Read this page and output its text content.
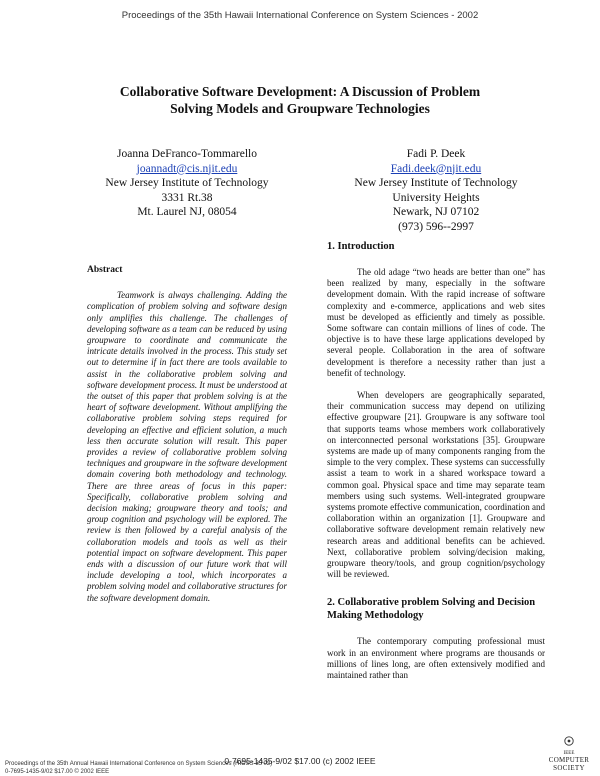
Proceedings of the 35th Hawaii International Conference on System Sciences - 2002
Collaborative Software Development: A Discussion of Problem
Solving Models and Groupware Technologies
Joanna DeFranco-Tommarello
joannadt@cis.njit.edu
New Jersey Institute of Technology
3331 Rt.38
Mt. Laurel NJ, 08054
Fadi P. Deek
Fadi.deek@njit.edu
New Jersey Institute of Technology
University Heights
Newark, NJ 07102
(973) 596--2997
Abstract

Teamwork is always challenging. Adding the complication of problem solving and software design only amplifies this challenge. The challenges of developing software as a team can be reduced by using groupware to coordinate and communicate the intricate details involved in the process. This study set out to determine if in fact there are tools available to assist in the collaborative problem solving and software development process. It must be understood at the outset of this paper that problem solving is at the heart of software development. Without amplifying the collaborative problem solving steps required for developing an effective and efficient solution, a much less then accurate solution will result. This paper provides a review of collaborative problem solving techniques and groupware in the software development domain covering both methodology and technology. There are three areas of focus in this paper: Specifically, collaborative problem solving and decision making; groupware theory and tools; and group cognition and psychology will be explored. The review is then followed by a careful analysis of the collaboration models and tools as well as their potential impact on software development. This paper ends with a discussion of our future work that will include developing a tool, which incorporates a problem solving model and collaborative structures for the software development domain.

1. Introduction

The old adage “two heads are better than one” has been realized by many, especially in the software development domain. With the rapid increase of software complexity and e-commerce, applications and web sites must be developed as efficiently and timely as possible. Some software can contain millions of lines of code. The objective is to have these large applications developed by several people. Collaboration in the area of software development is therefore a necessity rather than just a benefit of technology.

When developers are geographically separated, their communication success may depend on utilizing effective groupware [21]. Groupware is any software tool that supports teams whose members work collaboratively on interconnected personal workstations [35]. Groupware systems are made up of many components ranging from the simple to the very complex. These systems can successfully assist a team to work in a shared workspace toward a common goal. Physical space and time may separate team members using such systems. Well-integrated groupware systems promote effective communication, coordination and collaboration within an organization [1]. Groupware and collaborative software development remain relatively new research areas and additional benefits can be achieved. Next, collaborative problem solving/decision making, groupware theory/tools, and group cognition/psychology will be reviewed.

2. Collaborative problem Solving and Decision Making Methodology

The contemporary computing professional must work in an environment where programs are thousands or millions of lines long, are often extensively modified and maintained rather than

0-7695-1435-9/02 $17.00 (c) 2002 IEEE
Proceedings of the 35th Annual Hawaii International Conference on System Sciences (HICSS-35’02)
0-7695-1435-9/02 $17.00 © 2002 IEEE
IEEE
COMPUTER
SOCIETY
